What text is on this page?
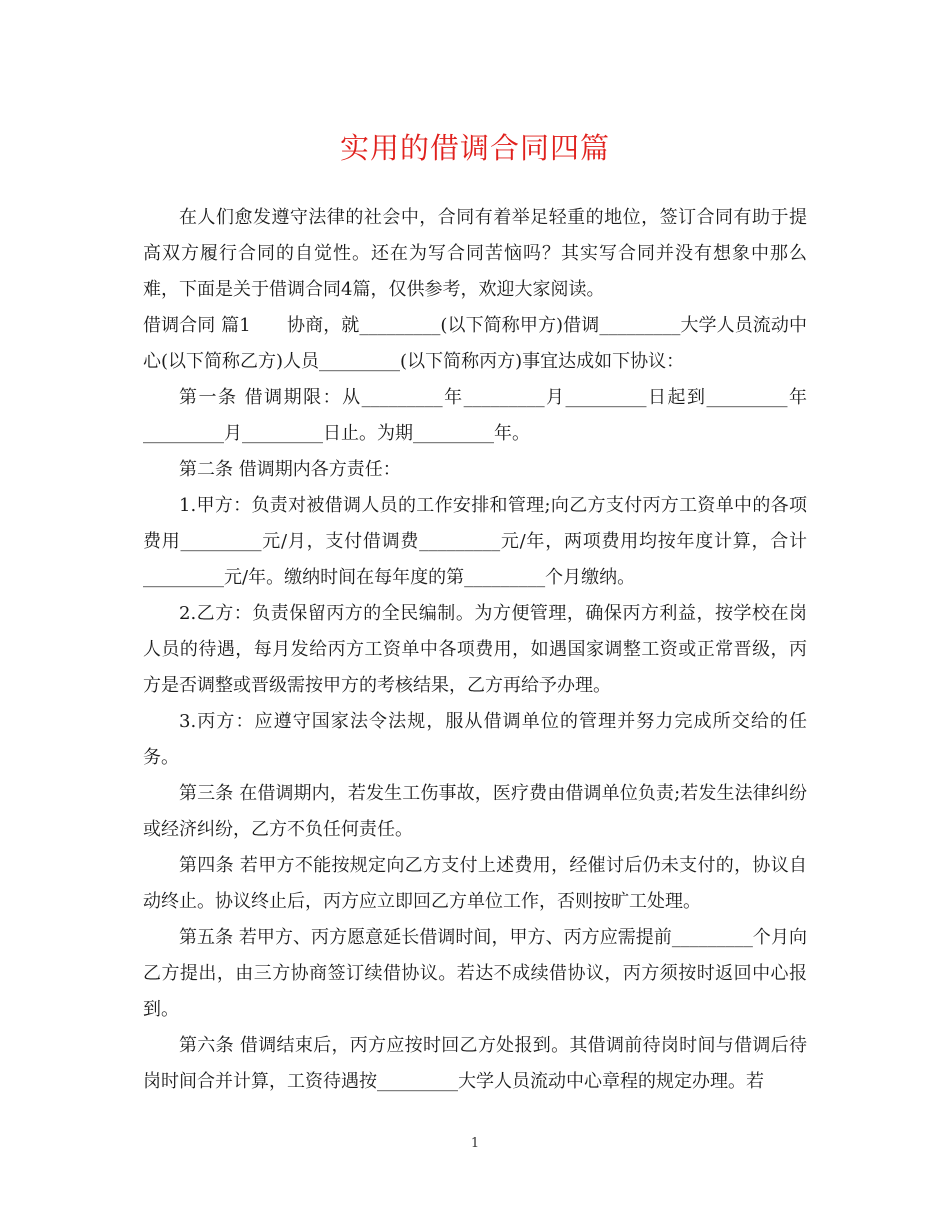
实用的借调合同四篇

在人们愈发遵守法律的社会中，合同有着举足轻重的地位，签订合同有助于提高双方履行合同的自觉性。还在为写合同苦恼吗？其实写合同并没有想象中那么难，下面是关于借调合同4篇，仅供参考，欢迎大家阅读。

借调合同 篇1　　协商，就_________(以下简称甲方)借调_________大学人员流动中心(以下简称乙方)人员_________(以下简称丙方)事宜达成如下协议：

第一条 借调期限：从_________年_________月_________日起到_________年_________月_________日止。为期_________年。

第二条 借调期内各方责任：

1.甲方：负责对被借调人员的工作安排和管理;向乙方支付丙方工资单中的各项费用_________元/月，支付借调费_________元/年，两项费用均按年度计算，合计_________元/年。缴纳时间在每年度的第_________个月缴纳。

2.乙方：负责保留丙方的全民编制。为方便管理，确保丙方利益，按学校在岗人员的待遇，每月发给丙方工资单中各项费用，如遇国家调整工资或正常晋级，丙方是否调整或晋级需按甲方的考核结果，乙方再给予办理。

3.丙方：应遵守国家法令法规，服从借调单位的管理并努力完成所交给的任务。

第三条 在借调期内，若发生工伤事故，医疗费由借调单位负责;若发生法律纠纷或经济纠纷，乙方不负任何责任。

第四条 若甲方不能按规定向乙方支付上述费用，经催讨后仍未支付的，协议自动终止。协议终止后，丙方应立即回乙方单位工作，否则按旷工处理。

第五条 若甲方、丙方愿意延长借调时间，甲方、丙方应需提前_________个月向乙方提出，由三方协商签订续借协议。若达不成续借协议，丙方须按时返回中心报到。

第六条 借调结束后，丙方应按时回乙方处报到。其借调前待岗时间与借调后待岗时间合并计算，工资待遇按_________大学人员流动中心章程的规定办理。若

1
